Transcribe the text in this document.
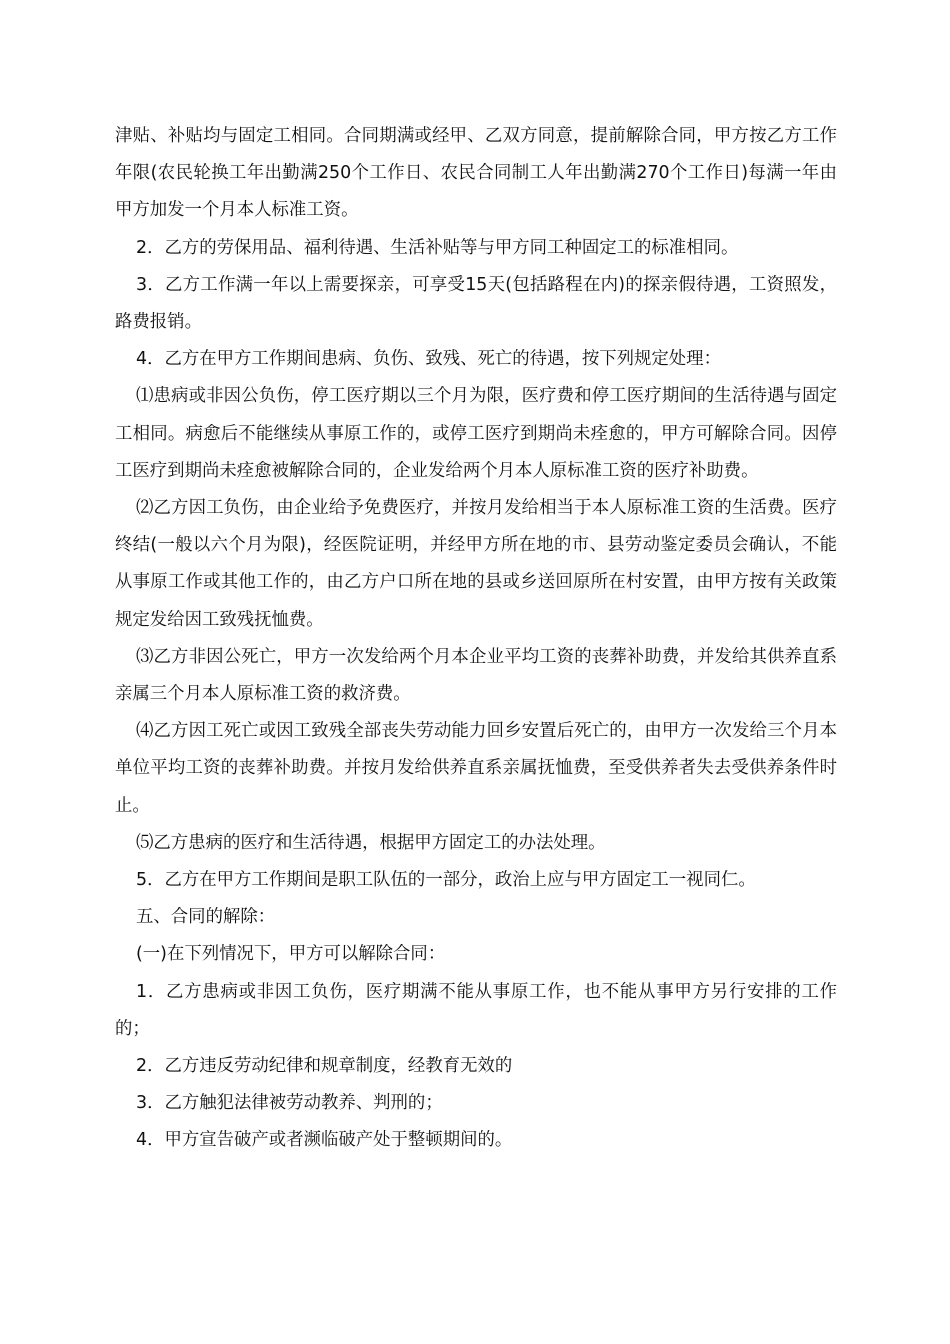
津贴、补贴均与固定工相同。合同期满或经甲、乙双方同意，提前解除合同，甲方按乙方工作年限(农民轮换工年出勤满250个工作日、农民合同制工人年出勤满270个工作日)每满一年由甲方加发一个月本人标准工资。

2．乙方的劳保用品、福利待遇、生活补贴等与甲方同工种固定工的标准相同。

3．乙方工作满一年以上需要探亲，可享受15天(包括路程在内)的探亲假待遇，工资照发，路费报销。

4．乙方在甲方工作期间患病、负伤、致残、死亡的待遇，按下列规定处理：

⑴患病或非因公负伤，停工医疗期以三个月为限，医疗费和停工医疗期间的生活待遇与固定工相同。病愈后不能继续从事原工作的，或停工医疗到期尚未痊愈的，甲方可解除合同。因停工医疗到期尚未痊愈被解除合同的，企业发给两个月本人原标准工资的医疗补助费。

⑵乙方因工负伤，由企业给予免费医疗，并按月发给相当于本人原标准工资的生活费。医疗终结(一般以六个月为限)，经医院证明，并经甲方所在地的市、县劳动鉴定委员会确认，不能从事原工作或其他工作的，由乙方户口所在地的县或乡送回原所在村安置，由甲方按有关政策规定发给因工致残抚恤费。

⑶乙方非因公死亡，甲方一次发给两个月本企业平均工资的丧葬补助费，并发给其供养直系亲属三个月本人原标准工资的救济费。

⑷乙方因工死亡或因工致残全部丧失劳动能力回乡安置后死亡的，由甲方一次发给三个月本单位平均工资的丧葬补助费。并按月发给供养直系亲属抚恤费，至受供养者失去受供养条件时止。

⑸乙方患病的医疗和生活待遇，根据甲方固定工的办法处理。

5．乙方在甲方工作期间是职工队伍的一部分，政治上应与甲方固定工一视同仁。

五、合同的解除：

(一)在下列情况下，甲方可以解除合同：

1．乙方患病或非因工负伤，医疗期满不能从事原工作，也不能从事甲方另行安排的工作的；

2．乙方违反劳动纪律和规章制度，经教育无效的

3．乙方触犯法律被劳动教养、判刑的；

4．甲方宣告破产或者濒临破产处于整顿期间的。
